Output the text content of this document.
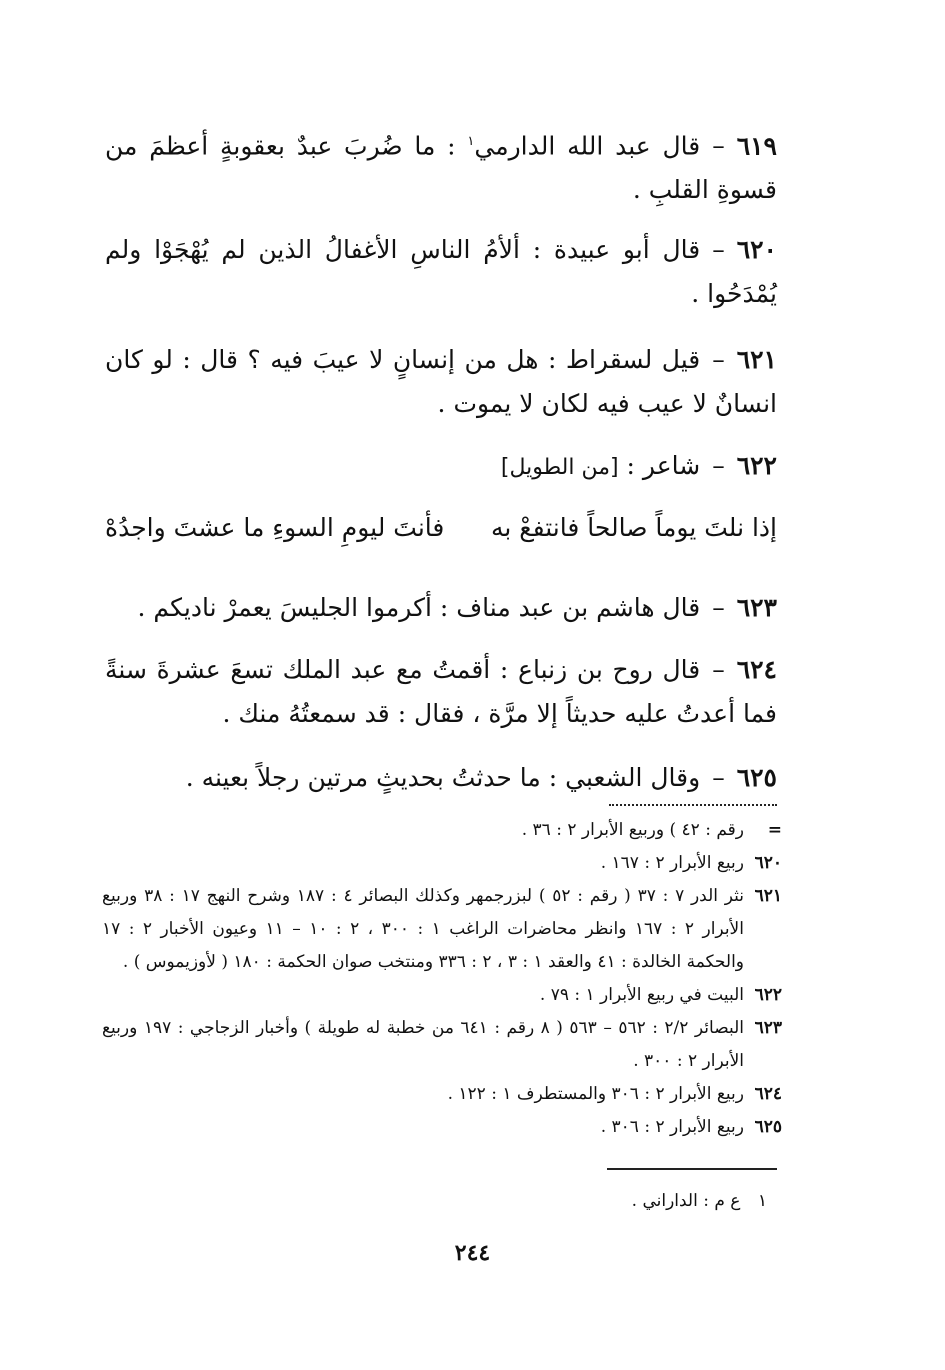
٦١٩–قال عبد الله الدارمي$^١$ : ما ضُربَ عبدٌ بعقوبةٍ أعظمَ من قسوةِ القلبِ .
٦٢٠–قال أبو عبيدة : ألأمُ الناسِ الأغفالُ الذين لم يُهْجَوْا ولم يُمْدَحُوا .
٦٢١–قيل لسقراط : هل من إنسانٍ لا عيبَ فيه ؟ قال : لو كان انسانٌ لا عيب فيه لكان لا يموت .
٦٢٢–شاعر : [من الطويل]
إذا نلتَ يوماً صالحاً فانتفعْ به
فأنتَ ليومِ السوءِ ما عشتَ واجدُهْ
٦٢٣–قال هاشم بن عبد مناف : أكرموا الجليسَ يعمرْ ناديكم .
٦٢٤–قال روح بن زنباع : أقمتُ مع عبد الملك تسعَ عشرةَ سنةً فما أعدتُ عليه حديثاً إلا مرَّة ، فقال : قد سمعتُهُ منك .
٦٢٥–وقال الشعبي : ما حدثتُ بحديثٍ مرتين رجلاً بعينه .
=
رقم : ٤٢ ) وربيع الأبرار ٢ : ٣٦ .
٦٢٠
ربيع الأبرار ٢ : ١٦٧ .
٦٢١
نثر الدر ٧ : ٣٧ ( رقم : ٥٢ ) لبزرجمهر وكذلك البصائر ٤ : ١٨٧ وشرح النهج ١٧ : ٣٨ وربيع الأبرار ٢ : ١٦٧ وانظر محاضرات الراغب ١ : ٣٠٠ ، ٢ : ١٠ – ١١ وعيون الأخبار ٢ : ١٧ والحكمة الخالدة : ٤١ والعقد ١ : ٣ ، ٢ : ٣٣٦ ومنتخب صوان الحكمة : ١٨٠ ( لأوزيموس ) .
٦٢٢
البيت في ربيع الأبرار ١ : ٧٩ .
٦٢٣
البصائر ٢/٢ : ٥٦٢ – ٥٦٣ ( ٨ رقم : ٦٤١ من خطبة له طويلة ) وأخبار الزجاجي : ١٩٧ وربيع الأبرار ٢ : ٣٠٠ .
٦٢٤
ربيع الأبرار ٢ : ٣٠٦ والمستطرف ١ : ١٢٢ .
٦٢٥
ربيع الأبرار ٢ : ٣٠٦ .
١ ع م : الداراني .
٢٤٤
